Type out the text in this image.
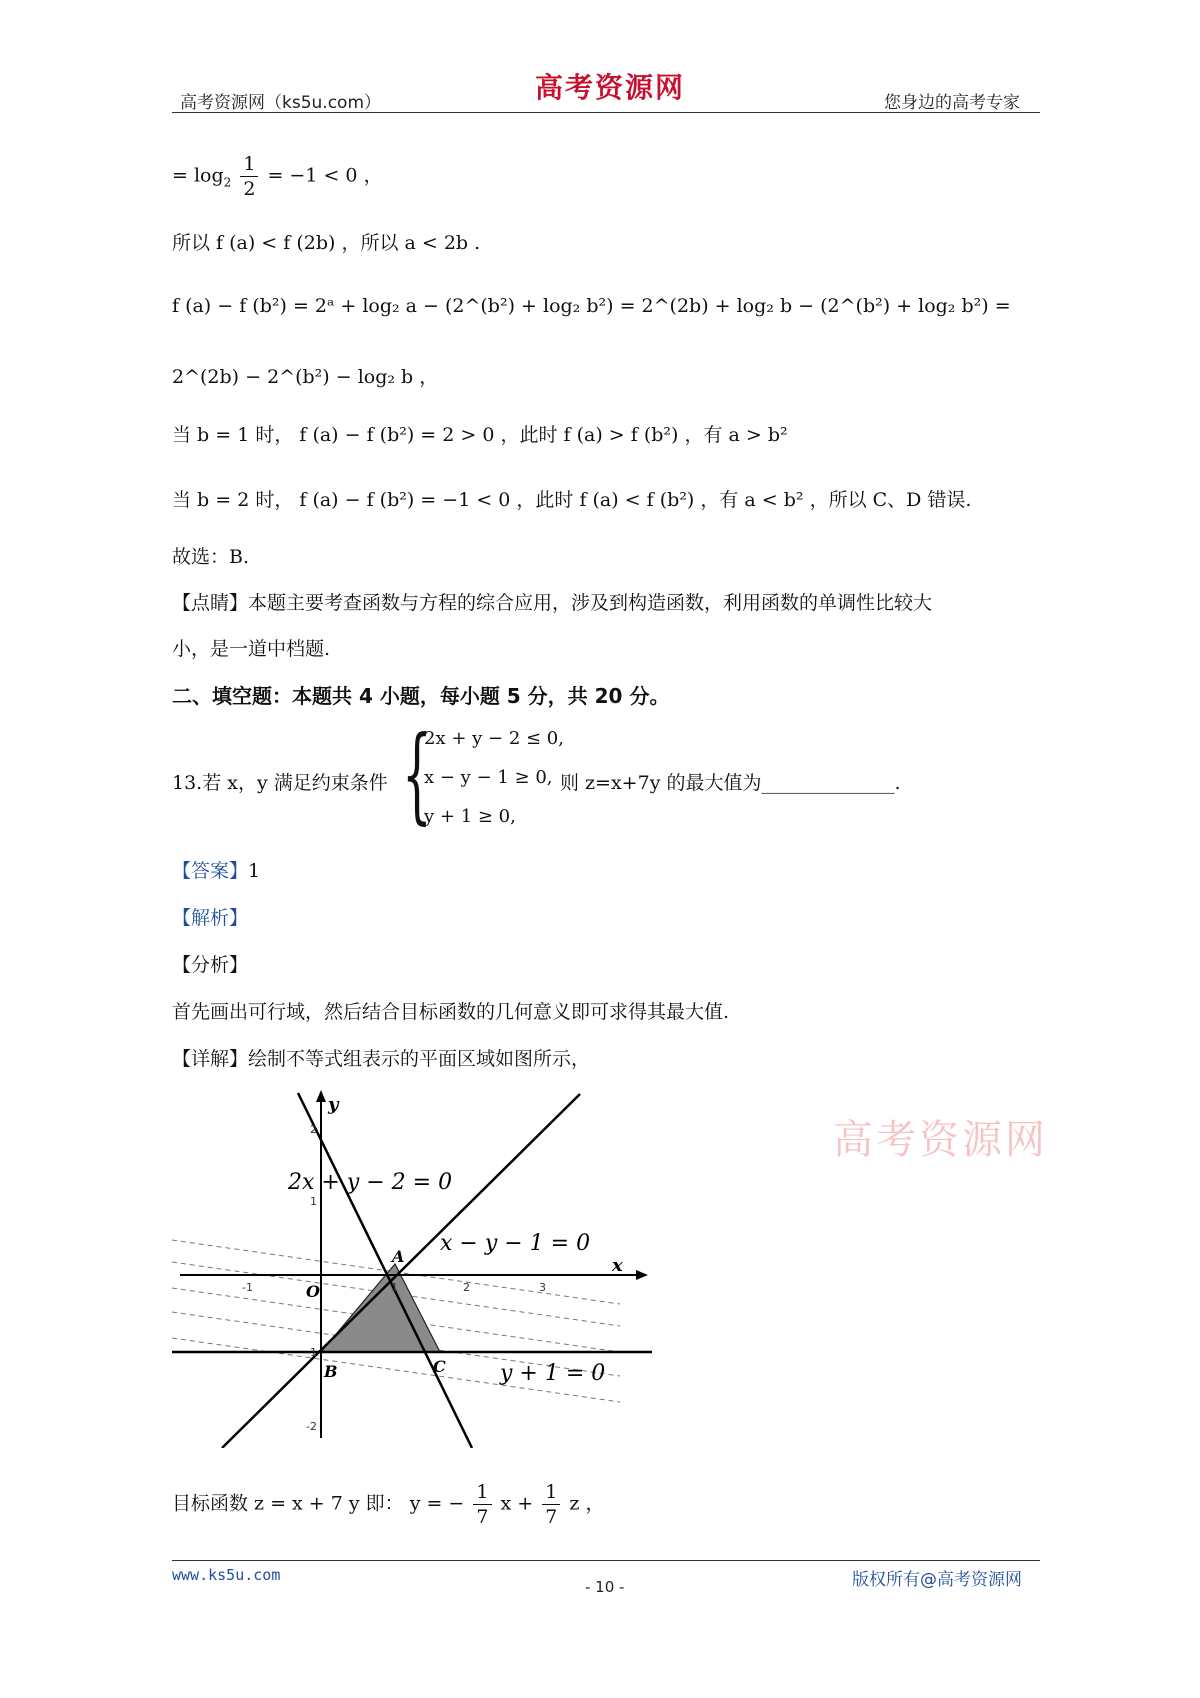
高考资源网（ks5u.com）	高考资源网	您身边的高考专家
= $\log_2 \frac{1}{2} = -1 < 0$ ，
所以 f (a) < f (2b) ，所以 a < 2b .
f (a) − f (b²) = 2ᵃ + log₂ a − (2^(b²) + log₂ b²) = 2^(2b) + log₂ b − (2^(b²) + log₂ b²) =
2^(2b) − 2^(b²) − log₂ b ，
当 b = 1 时， f (a) − f (b²) = 2 > 0 ，此时 f (a) > f (b²) ，有 a > b²
当 b = 2 时， f (a) − f (b²) = −1 < 0 ，此时 f (a) < f (b²) ，有 a < b² ，所以 C、D 错误.
故选：B.
【点睛】本题主要考查函数与方程的综合应用，涉及到构造函数，利用函数的单调性比较大
小，是一道中档题.
二、填空题：本题共 4 小题，每小题 5 分，共 20 分。
13.若 x，y 满足约束条件 {
2x + y − 2 ≤ 0,
x − y − 1 ≥ 0,
y + 1 ≥ 0,
则 z=x+7y 的最大值为______________.
【答案】1
【解析】
【分析】
首先画出可行域，然后结合目标函数的几何意义即可求得其最大值.
【详解】绘制不等式组表示的平面区域如图所示，
-1	1	2	3
2
1
-1
-2
x
y
O
A
B	C
2x + y − 2 = 0
x − y − 1 = 0
y + 1 = 0
高考资源网
目标函数 z = x + 7 y 即： y = − $\frac{1}{7}$ $x + \frac{1}{7}$ z ，
www.ks5u.com
- 10 -	版权所有@高考资源网
